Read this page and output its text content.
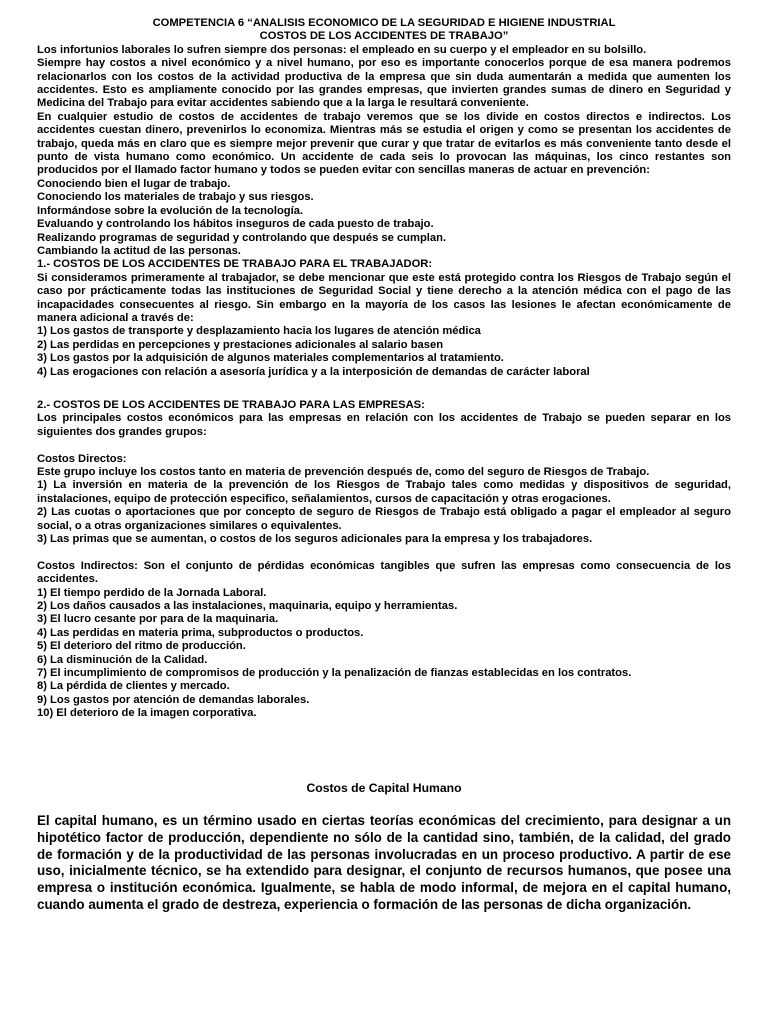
COMPETENCIA 6 “ANALISIS ECONOMICO DE LA SEGURIDAD E HIGIENE INDUSTRIAL
COSTOS DE LOS ACCIDENTES DE TRABAJO”

Los infortunios laborales lo sufren siempre dos personas: el empleado en su cuerpo y el empleador en su bolsillo.

Siempre hay costos a nivel económico y a nivel humano, por eso es importante conocerlos porque de esa manera podremos relacionarlos con los costos de la actividad productiva de la empresa que sin duda aumentarán a medida que aumenten los accidentes. Esto es ampliamente conocido por las grandes empresas, que invierten grandes sumas de dinero en Seguridad y Medicina del Trabajo para evitar accidentes sabiendo que a la larga le resultará conveniente.

En cualquier estudio de costos de accidentes de trabajo veremos que se los divide en costos directos e indirectos. Los accidentes cuestan dinero, prevenirlos lo economiza. Mientras más se estudia el origen y como se presentan los accidentes de trabajo, queda más en claro que es siempre mejor prevenir que curar y que tratar de evitarlos es más conveniente tanto desde el punto de vista humano como económico. Un accidente de cada seis lo provocan las máquinas, los cinco restantes son producidos por el llamado factor humano y todos se pueden evitar con sencillas maneras de actuar en prevención:

Conociendo bien el lugar de trabajo.

Conociendo los materiales de trabajo y sus riesgos.

Informándose sobre la evolución de la tecnología.

Evaluando y controlando los hábitos inseguros de cada puesto de trabajo.

Realizando programas de seguridad y controlando que después se cumplan.

Cambiando la actitud de las personas.

1.- COSTOS DE LOS ACCIDENTES DE TRABAJO PARA EL TRABAJADOR:

Si consideramos primeramente al trabajador, se debe mencionar que este está protegido contra los Riesgos de Trabajo según el caso por prácticamente todas las instituciones de Seguridad Social y tiene derecho a la atención médica con el pago de las incapacidades consecuentes al riesgo. Sin embargo en la mayoría de los casos las lesiones le afectan económicamente de manera adicional a través de:

1) Los gastos de transporte y desplazamiento hacia los lugares de atención médica

2) Las perdidas en percepciones y prestaciones adicionales al salario basen

3) Los gastos por la adquisición de algunos materiales complementarios al tratamiento.

4) Las erogaciones con relación a asesoría jurídica y a la interposición de demandas de carácter laboral

2.- COSTOS DE LOS ACCIDENTES DE TRABAJO PARA LAS EMPRESAS:

Los principales costos económicos para las empresas en relación con los accidentes de Trabajo se pueden separar en los siguientes dos grandes grupos:

Costos Directos:

Este grupo incluye los costos tanto en materia de prevención después de, como del seguro de Riesgos de Trabajo.

1) La inversión en materia de la prevención de los Riesgos de Trabajo tales como medidas y dispositivos de seguridad, instalaciones, equipo de protección especifico, señalamientos, cursos de capacitación y otras erogaciones.

2) Las cuotas o aportaciones que por concepto de seguro de Riesgos de Trabajo está obligado a pagar el empleador al seguro social, o a otras organizaciones similares o equivalentes.

3) Las primas que se aumentan, o costos de los seguros adicionales para la empresa y los trabajadores.

Costos Indirectos: Son el conjunto de pérdidas económicas tangibles que sufren las empresas como consecuencia de los accidentes.

1) El tiempo perdido de la Jornada Laboral.

2) Los daños causados a las instalaciones, maquinaria, equipo y herramientas.

3) El lucro cesante por para de la maquinaria.

4) Las perdidas en materia prima, subproductos o productos.

5) El deterioro del ritmo de producción.

6) La disminución de la Calidad.

7) El incumplimiento de compromisos de producción y la penalización de fianzas establecidas en los contratos.

8) La pérdida de clientes y mercado.

9) Los gastos por atención de demandas laborales.

10) El deterioro de la imagen corporativa.

Costos de Capital Humano

El capital humano, es un término usado en ciertas teorías económicas del crecimiento, para designar a un hipotético factor de producción, dependiente no sólo de la cantidad sino, también, de la calidad, del grado de formación y de la productividad de las personas involucradas en un proceso productivo. A partir de ese uso, inicialmente técnico, se ha extendido para designar, el conjunto de recursos humanos, que posee una empresa o institución económica. Igualmente, se habla de modo informal, de mejora en el capital humano, cuando aumenta el grado de destreza, experiencia o formación de las personas de dicha organización.
